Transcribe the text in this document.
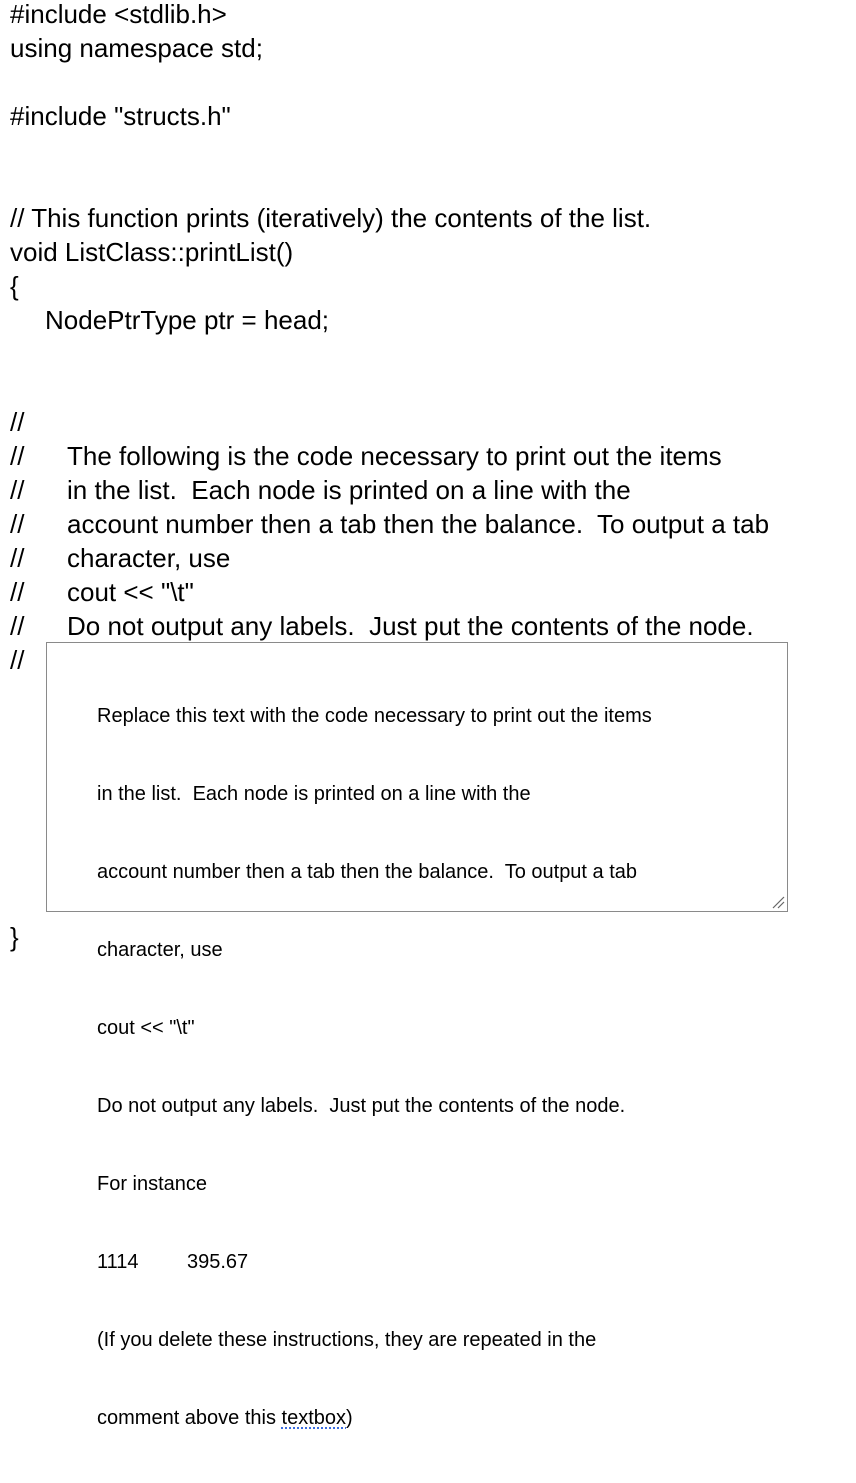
#include <stdlib.h>
using namespace std;
#include "structs.h"
// This function prints (iteratively) the contents of the list.
void ListClass::printList()
{
NodePtrType ptr = head;

//

The following is the code necessary to print out the items

//

in the list.  Each node is printed on a line with the

//

account number then a tab then the balance.  To output a tab

//

character, use

//

cout << "\t"

//

Do not output any labels.  Just put the contents of the node.

//

//

Replace this text with the code necessary to print out the items

in the list.  Each node is printed on a line with the

account number then a tab then the balance.  To output a tab

character, use

cout << "\t"

Do not output any labels.  Just put the contents of the node.

For instance

1114 395.67

(If you delete these instructions, they are repeated in the

comment above this textbox)

}
